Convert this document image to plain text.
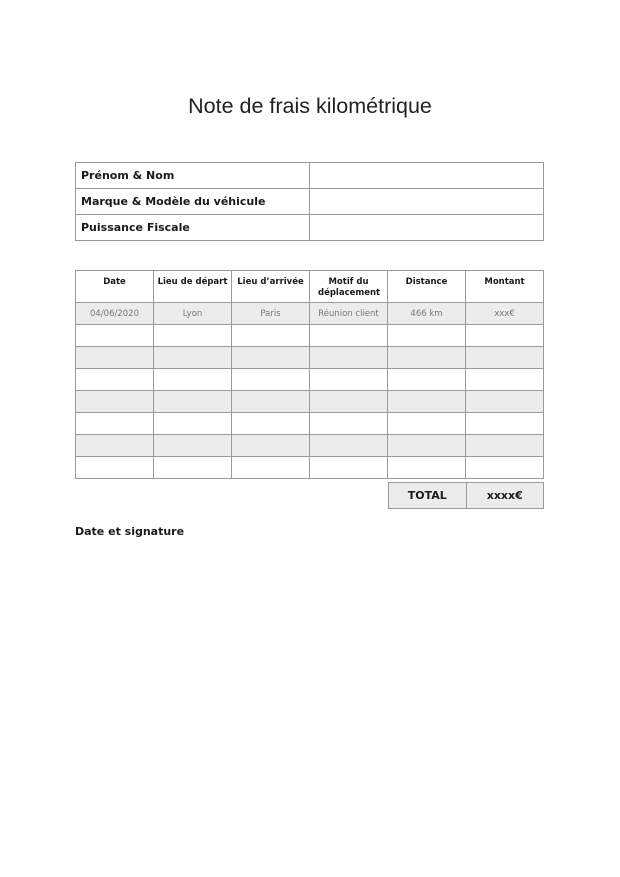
Note de frais kilométrique
Prénom & Nom	
Marque & Modèle du véhicule	
Puissance Fiscale	
Date	Lieu de départ	Lieu d’arrivée	Motif du déplacement	Distance	Montant
04/06/2020	Lyon	Paris	Réunion client	466 km	xxx€

TOTAL	xxxx€
Date et signature
